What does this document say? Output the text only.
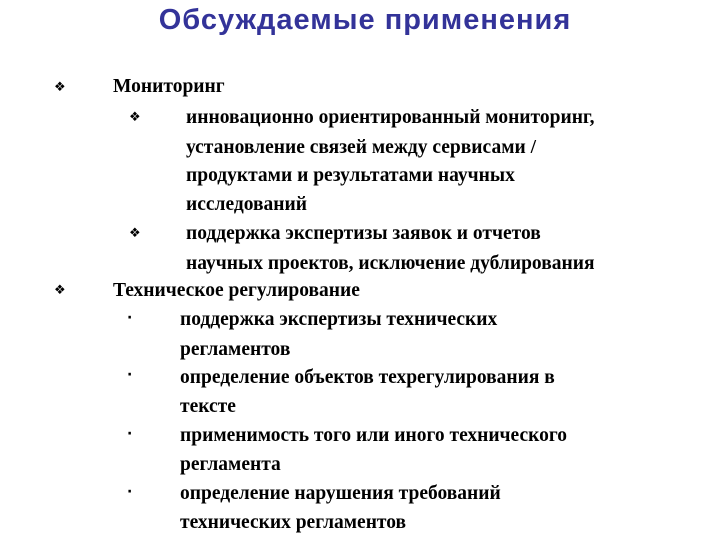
Обсуждаемые применения
❖ Мониторинг
❖ инновационно ориентированный мониторинг,
установление связей между сервисами /
продуктами и результатами научных
исследований
❖ поддержка экспертизы заявок и отчетов
научных проектов, исключение дублирования
❖ Техническое регулирование
· поддержка экспертизы технических
регламентов
· определение объектов техрегулирования в
тексте
· применимость того или иного технического
регламента
· определение нарушения требований
технических регламентов
